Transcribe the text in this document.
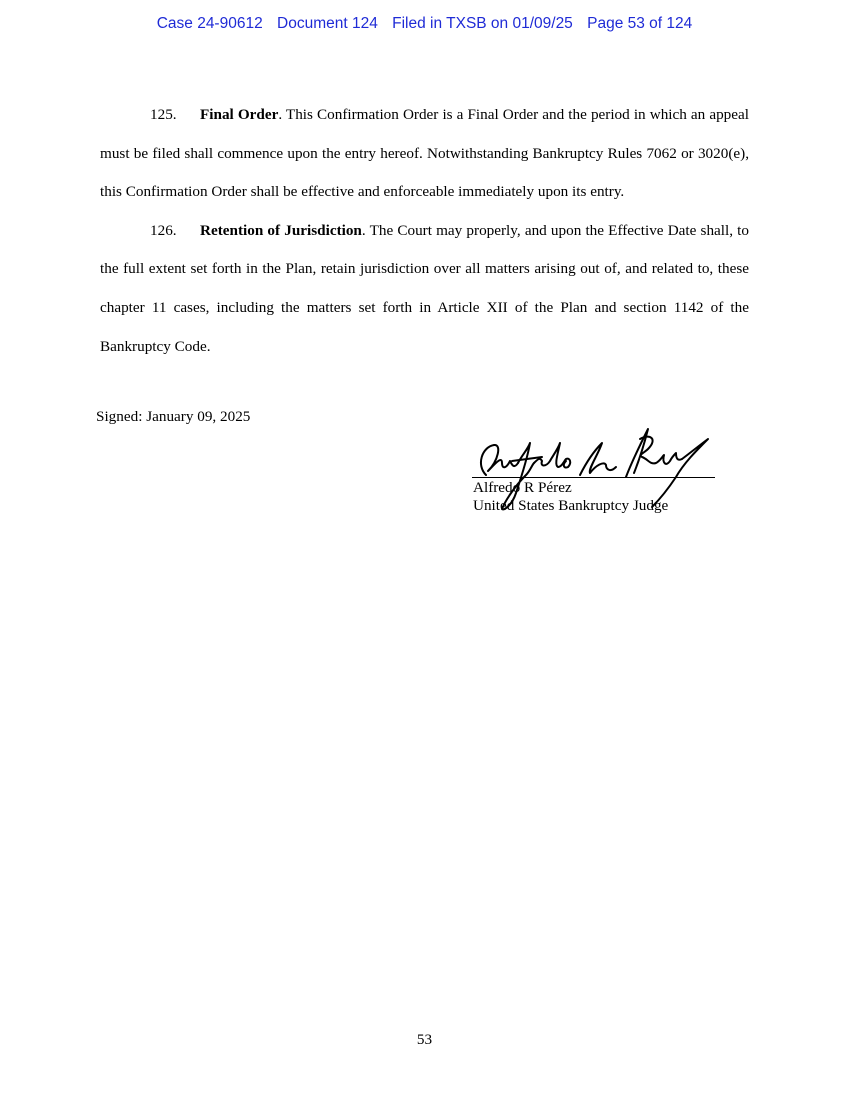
Case 24-90612 Document 124 Filed in TXSB on 01/09/25 Page 53 of 124

125. Final Order. This Confirmation Order is a Final Order and the period in which an appeal must be filed shall commence upon the entry hereof. Notwithstanding Bankruptcy Rules 7062 or 3020(e), this Confirmation Order shall be effective and enforceable immediately upon its entry.

126. Retention of Jurisdiction. The Court may properly, and upon the Effective Date shall, to the full extent set forth in the Plan, retain jurisdiction over all matters arising out of, and related to, these chapter 11 cases, including the matters set forth in Article XII of the Plan and section 1142 of the Bankruptcy Code.

Signed: January 09, 2025
Alfredo R Pérez
United States Bankruptcy Judge
53
